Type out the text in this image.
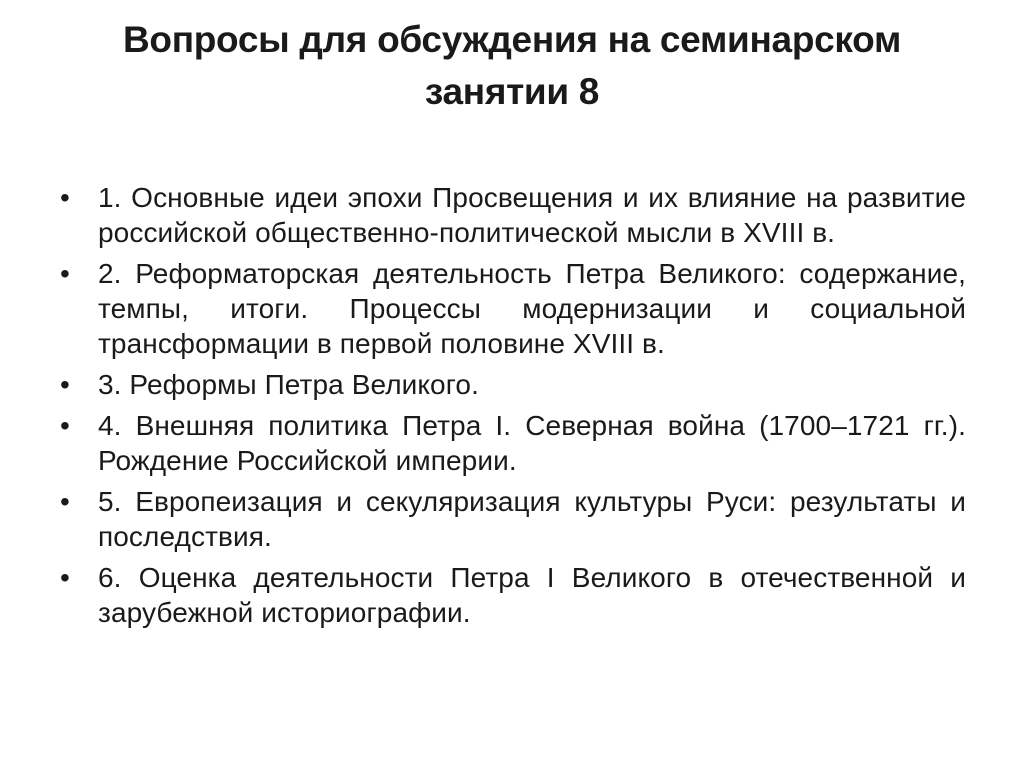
Вопросы для обсуждения на семинарском
занятии 8
•	1. Основные идеи эпохи Просвещения и их влияние на развитие российской общественно-политической мысли в XVIII в.
•	2. Реформаторская деятельность Петра Великого: содержание, темпы, итоги. Процессы модернизации и социальной трансформации в первой половине XVIII в.
•	3. Реформы Петра Великого.
•	4. Внешняя политика Петра I. Северная война (1700–1721 гг.). Рождение Российской империи.
•	5. Европеизация и секуляризация культуры Руси: результаты и последствия.
•	6. Оценка деятельности Петра I Великого в отечественной и зарубежной историографии.
